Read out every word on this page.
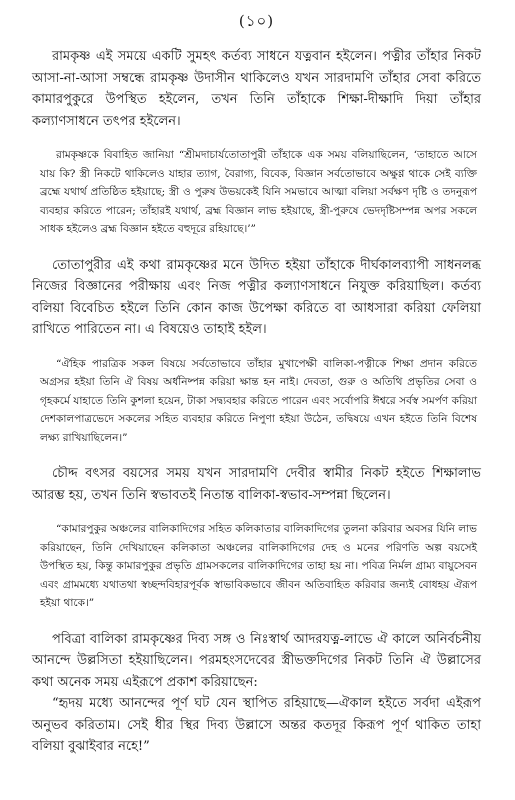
(১০)

রামকৃষ্ণ এই সময়ে একটি সুমহৎ কর্তব্য সাধনে যত্নবান হইলেন। পত্নীর তাঁহার নিকট আসা-না-আসা সম্বন্ধে রামকৃষ্ণ উদাসীন থাকিলেও যখন সারদামণি তাঁহার সেবা করিতে কামারপুকুরে উপস্থিত হইলেন, তখন তিনি তাঁহাকে শিক্ষা-দীক্ষাদি দিয়া তাঁহার কল্যাণসাধনে তৎপর হইলেন।

রামকৃষ্ণকে বিবাহিত জানিয়া “শ্রীমদাচার্যতোতাপুরী তাঁহাকে এক সময় বলিয়াছিলেন, ‘তাহাতে আসে যায় কি? স্ত্রী নিকটে থাকিলেও যাহার ত্যাগ, বৈরাগ্য, বিবেক, বিজ্ঞান সর্বতোভাবে অক্ষুণ্ণ থাকে সেই ব্যক্তি ব্রহ্মে যথার্থ প্রতিষ্ঠিত হইয়াছে; স্ত্রী ও পুরুষ উভয়কেই যিনি সমভাবে আত্মা বলিয়া সর্বক্ষণ দৃষ্টি ও তদনুরূপ ব্যবহার করিতে পারেন; তাঁহারই যথার্থ, ব্রহ্ম বিজ্ঞান লাভ হইয়াছে, স্ত্রী-পুরুষে ভেদদৃষ্টিসম্পন্ন অপর সকলে সাধক হইলেও ব্রহ্ম বিজ্ঞান হইতে বহুদূরে রহিয়াছে।’”

তোতাপুরীর এই কথা রামকৃষ্ণের মনে উদিত হইয়া তাঁহাকে দীর্ঘকালব্যাপী সাধনলব্ধ নিজের বিজ্ঞানের পরীক্ষায় এবং নিজ পত্নীর কল্যাণসাধনে নিযুক্ত করিয়াছিল। কর্তব্য বলিয়া বিবেচিত হইলে তিনি কোন কাজ উপেক্ষা করিতে বা আধসারা করিয়া ফেলিয়া রাখিতে পারিতেন না। এ বিষয়েও তাহাই হইল।

“ঐহিক পারত্রিক সকল বিষয়ে সর্বতোভাবে তাঁহার মুখাপেক্ষী বালিকা-পত্নীকে শিক্ষা প্রদান করিতে অগ্রসর হইয়া তিনি ঐ বিষয় অর্ধনিষ্পন্ন করিয়া ক্ষান্ত হন নাই। দেবতা, গুরু ও অতিথি প্রভৃতির সেবা ও গৃহকর্মে যাহাতে তিনি কুশলা হয়েন, টাকা সদ্ব্যবহার করিতে পারেন এবং সর্বোপরি ঈশ্বরে সর্বস্ব সমর্পণ করিয়া দেশকালপাত্রভেদে সকলের সহিত ব্যবহার করিতে নিপুণা হইয়া উঠেন, তদ্বিষয়ে এখন হইতে তিনি বিশেষ লক্ষ্য রাখিয়াছিলেন।”

চৌদ্দ বৎসর বয়সের সময় যখন সারদামণি দেবীর স্বামীর নিকট হইতে শিক্ষালাভ আরম্ভ হয়, তখন তিনি স্বভাবতই নিতান্ত বালিকা-স্বভাব-সম্পন্না ছিলেন।

“কামারপুকুর অঞ্চলের বালিকাদিগের সহিত কলিকাতার বালিকাদিগের তুলনা করিবার অবসর যিনি লাভ করিয়াছেন, তিনি দেখিয়াছেন কলিকাতা অঞ্চলের বালিকাদিগের দেহ ও মনের পরিণতি অল্প বয়সেই উপস্থিত হয়, কিন্তু কামারপুকুর প্রভৃতি গ্রামসকলের বালিকাদিগের তাহা হয় না। পবিত্র নির্মল গ্রাম্য বায়ুসেবন এবং গ্রামমধ্যে যথাতথা স্বচ্ছন্দবিহারপূর্বক স্বাভাবিকভাবে জীবন অতিবাহিত করিবার জন্যই বোধহয় ঐরূপ হইয়া থাকে।”

পবিত্রা বালিকা রামকৃষ্ণের দিব্য সঙ্গ ও নিঃস্বার্থ আদরযত্ন-লাভে ঐ কালে অনির্বচনীয় আনন্দে উল্লসিতা হইয়াছিলেন। পরমহংসদেবের স্ত্রীভক্তদিগের নিকট তিনি ঐ উল্লাসের কথা অনেক সময় এইরূপে প্রকাশ করিয়াছেন:

“হৃদয় মধ্যে আনন্দের পূর্ণ ঘট যেন স্থাপিত রহিয়াছে—ঐকাল হইতে সর্বদা এইরূপ অনুভব করিতাম। সেই ধীর স্থির দিব্য উল্লাসে অন্তর কতদূর কিরূপ পূর্ণ থাকিত তাহা বলিয়া বুঝাইবার নহে!”
